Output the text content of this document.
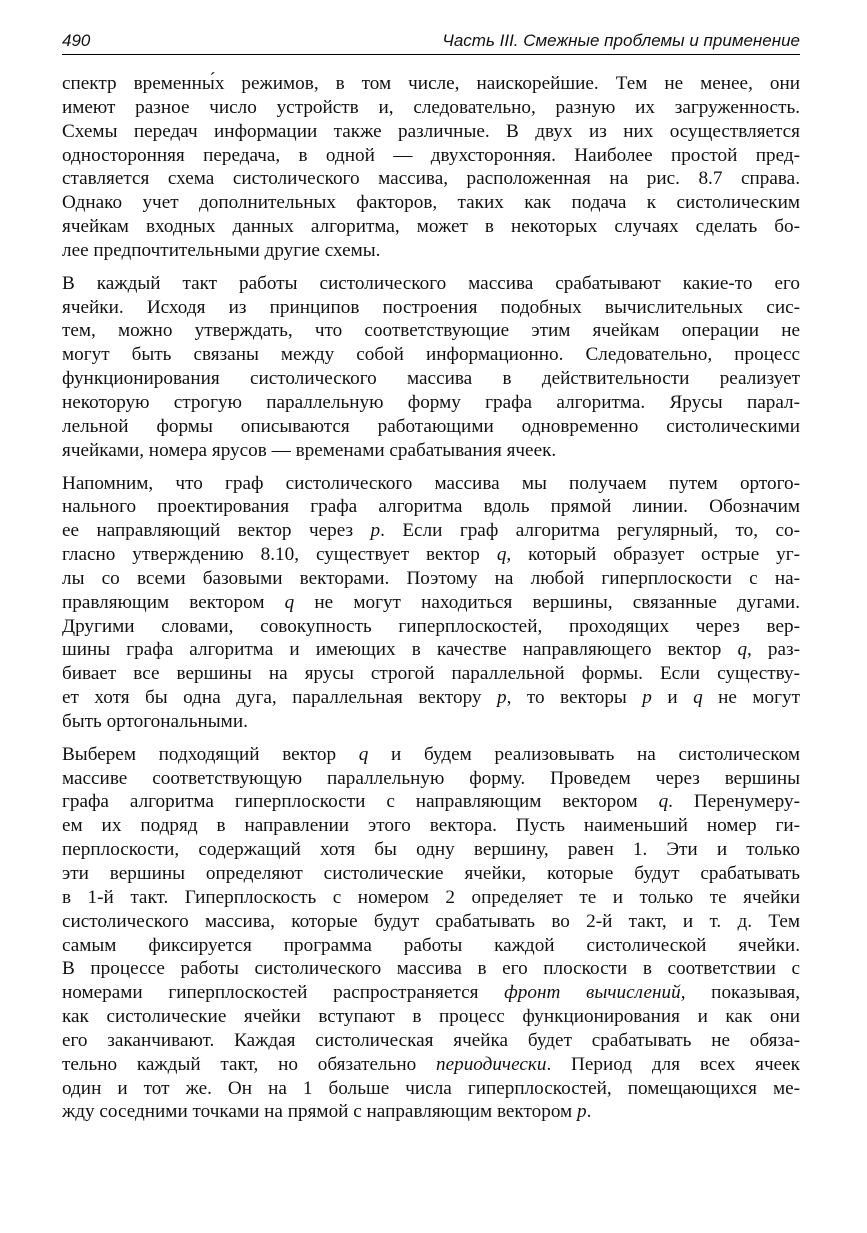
490	Часть III. Смежные проблемы и применение
спектр временны́х режимов, в том числе, наискорейшие. Тем не менее, они
имеют разное число устройств и, следовательно, разную их загруженность.
Схемы передач информации также различные. В двух из них осуществляется
односторонняя передача, в одной — двухсторонняя. Наиболее простой пред-
ставляется схема систолического массива, расположенная на рис. 8.7 справа.
Однако учет дополнительных факторов, таких как подача к систолическим
ячейкам входных данных алгоритма, может в некоторых случаях сделать бо-
лее предпочтительными другие схемы.
В каждый такт работы систолического массива срабатывают какие-то его
ячейки. Исходя из принципов построения подобных вычислительных сис-
тем, можно утверждать, что соответствующие этим ячейкам операции не
могут быть связаны между собой информационно. Следовательно, процесс
функционирования систолического массива в действительности реализует
некоторую строгую параллельную форму графа алгоритма. Ярусы парал-
лельной формы описываются работающими одновременно систолическими
ячейками, номера ярусов — временами срабатывания ячеек.
Напомним, что граф систолического массива мы получаем путем ортого-
нального проектирования графа алгоритма вдоль прямой линии. Обозначим
ее направляющий вектор через p. Если граф алгоритма регулярный, то, со-
гласно утверждению 8.10, существует вектор q, который образует острые уг-
лы со всеми базовыми векторами. Поэтому на любой гиперплоскости с на-
правляющим вектором q не могут находиться вершины, связанные дугами.
Другими словами, совокупность гиперплоскостей, проходящих через вер-
шины графа алгоритма и имеющих в качестве направляющего вектор q, раз-
бивает все вершины на ярусы строгой параллельной формы. Если существу-
ет хотя бы одна дуга, параллельная вектору p, то векторы p и q не могут
быть ортогональными.
Выберем подходящий вектор q и будем реализовывать на систолическом
массиве соответствующую параллельную форму. Проведем через вершины
графа алгоритма гиперплоскости с направляющим вектором q. Перенумеру-
ем их подряд в направлении этого вектора. Пусть наименьший номер ги-
перплоскости, содержащий хотя бы одну вершину, равен 1. Эти и только
эти вершины определяют систолические ячейки, которые будут срабатывать
в 1-й такт. Гиперплоскость с номером 2 определяет те и только те ячейки
систолического массива, которые будут срабатывать во 2-й такт, и т. д. Тем
самым фиксируется программа работы каждой систолической ячейки.
В процессе работы систолического массива в его плоскости в соответствии с
номерами гиперплоскостей распространяется фронт вычислений, показывая,
как систолические ячейки вступают в процесс функционирования и как они
его заканчивают. Каждая систолическая ячейка будет срабатывать не обяза-
тельно каждый такт, но обязательно периодически. Период для всех ячеек
один и тот же. Он на 1 больше числа гиперплоскостей, помещающихся ме-
жду соседними точками на прямой с направляющим вектором p.
